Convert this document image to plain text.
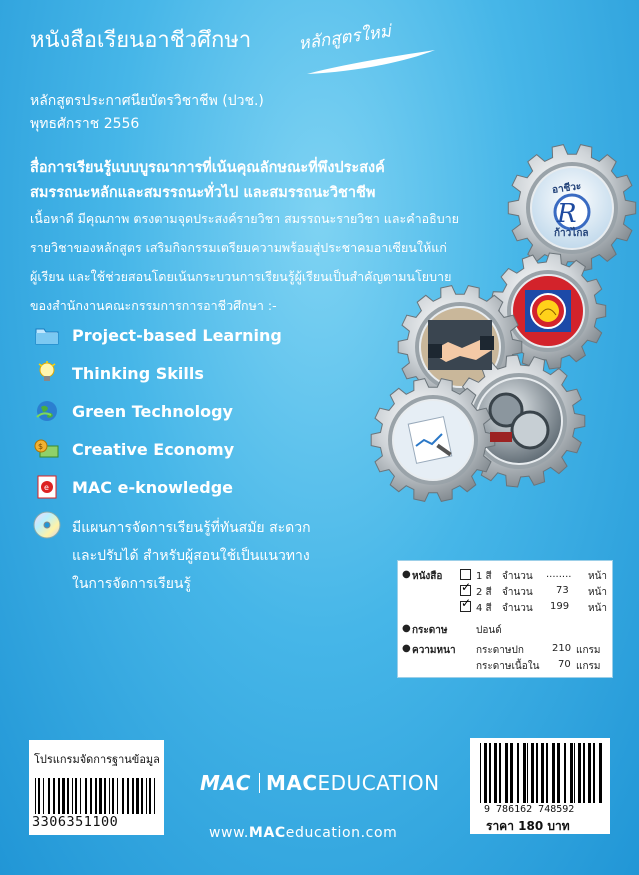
หนังสือเรียนอาชีวศึกษา	หลักสูตรใหม่
หลักสูตรประกาศนียบัตรวิชาชีพ (ปวช.)
พุทธศักราช 2556
สื่อการเรียนรู้แบบบูรณาการที่เน้นคุณลักษณะที่พึงประสงค์
สมรรถนะหลักและสมรรถนะทั่วไป และสมรรถนะวิชาชีพ
เนื้อหาดี มีคุณภาพ ตรงตามจุดประสงค์รายวิชา สมรรถนะรายวิชา และคำอธิบาย
รายวิชาของหลักสูตร เสริมกิจกรรมเตรียมความพร้อมสู่ประชาคมอาเซียนให้แก่
ผู้เรียน และใช้ช่วยสอนโดยเน้นกระบวนการเรียนรู้ผู้เรียนเป็นสำคัญตามนโยบาย
ของสำนักงานคณะกรรมการการอาชีวศึกษา :-
Project-based Learning
Thinking Skills
Green Technology
$ Creative Economy
e MAC e-knowledge
มีแผนการจัดการเรียนรู้ที่ทันสมัย สะดวก
และปรับได้ สำหรับผู้สอนใช้เป็นแนวทาง
ในการจัดการเรียนรู้
อาชีวะ
R
ก้าวไกล
● หนังสือ	1 สี จำนวน ........ หน้า
✓
2 สี จำนวน 73 หน้า
✓
4 สี จำนวน 199 หน้า
● กระดาษ	ปอนด์
● ความหนา กระดาษปก	210 แกรม
กระดาษเนื้อใน 70 แกรม
โปรแกรมจัดการฐานข้อมูล
3306351100
9 786162 748592
ราคา 180 บาท
MAC MAC EDUCATION
www.MACeducation.com
